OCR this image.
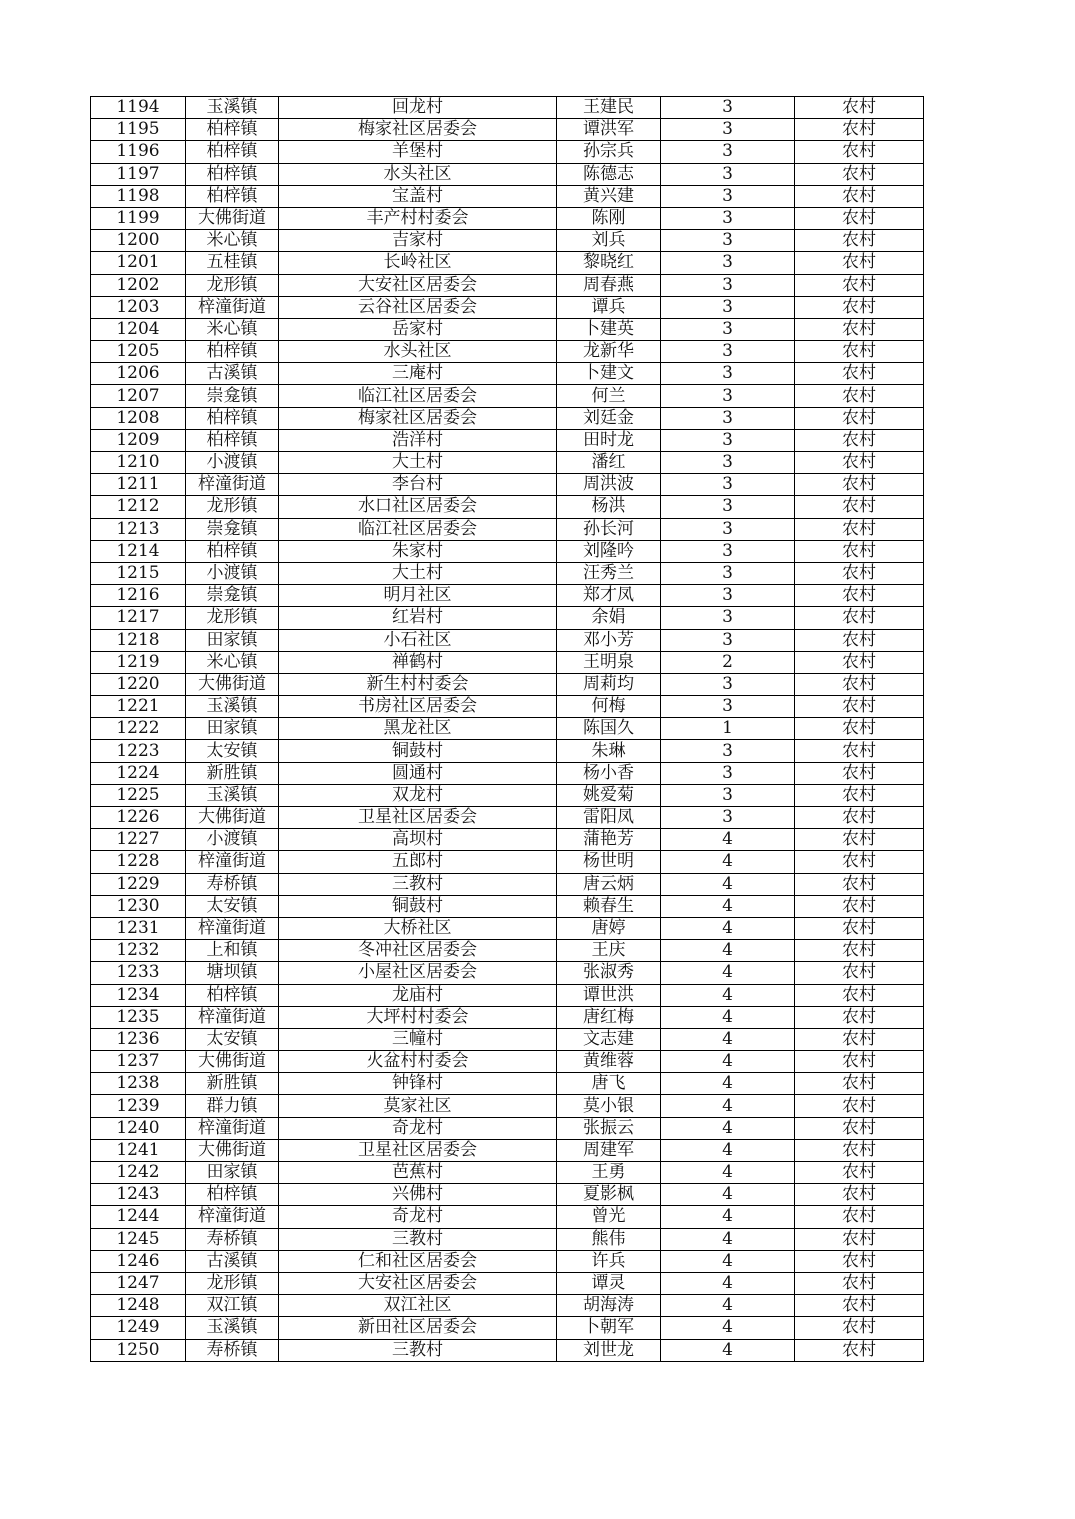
1194	玉溪镇	回龙村	王建民	3	农村
1195	柏梓镇	梅家社区居委会	谭洪军	3	农村
1196	柏梓镇	羊堡村	孙宗兵	3	农村
1197	柏梓镇	水头社区	陈德志	3	农村
1198	柏梓镇	宝盖村	黄兴建	3	农村
1199	大佛街道	丰产村村委会	陈刚	3	农村
1200	米心镇	吉家村	刘兵	3	农村
1201	五桂镇	长岭社区	黎晓红	3	农村
1202	龙形镇	大安社区居委会	周春燕	3	农村
1203	梓潼街道	云谷社区居委会	谭兵	3	农村
1204	米心镇	岳家村	卜建英	3	农村
1205	柏梓镇	水头社区	龙新华	3	农村
1206	古溪镇	三庵村	卜建文	3	农村
1207	崇龛镇	临江社区居委会	何兰	3	农村
1208	柏梓镇	梅家社区居委会	刘廷金	3	农村
1209	柏梓镇	浩洋村	田时龙	3	农村
1210	小渡镇	大土村	潘红	3	农村
1211	梓潼街道	李台村	周洪波	3	农村
1212	龙形镇	水口社区居委会	杨洪	3	农村
1213	崇龛镇	临江社区居委会	孙长河	3	农村
1214	柏梓镇	朱家村	刘隆吟	3	农村
1215	小渡镇	大土村	汪秀兰	3	农村
1216	崇龛镇	明月社区	郑才凤	3	农村
1217	龙形镇	红岩村	余娟	3	农村
1218	田家镇	小石社区	邓小芳	3	农村
1219	米心镇	禅鹤村	王明泉	2	农村
1220	大佛街道	新生村村委会	周莉均	3	农村
1221	玉溪镇	书房社区居委会	何梅	3	农村
1222	田家镇	黑龙社区	陈国久	1	农村
1223	太安镇	铜鼓村	朱琳	3	农村
1224	新胜镇	圆通村	杨小香	3	农村
1225	玉溪镇	双龙村	姚爱菊	3	农村
1226	大佛街道	卫星社区居委会	雷阳凤	3	农村
1227	小渡镇	高坝村	蒲艳芳	4	农村
1228	梓潼街道	五郎村	杨世明	4	农村
1229	寿桥镇	三教村	唐云炳	4	农村
1230	太安镇	铜鼓村	赖春生	4	农村
1231	梓潼街道	大桥社区	唐婷	4	农村
1232	上和镇	冬冲社区居委会	王庆	4	农村
1233	塘坝镇	小屋社区居委会	张淑秀	4	农村
1234	柏梓镇	龙庙村	谭世洪	4	农村
1235	梓潼街道	大坪村村委会	唐红梅	4	农村
1236	太安镇	三幢村	文志建	4	农村
1237	大佛街道	火盆村村委会	黄维蓉	4	农村
1238	新胜镇	钟锋村	唐飞	4	农村
1239	群力镇	莫家社区	莫小银	4	农村
1240	梓潼街道	奇龙村	张振云	4	农村
1241	大佛街道	卫星社区居委会	周建军	4	农村
1242	田家镇	芭蕉村	王勇	4	农村
1243	柏梓镇	兴佛村	夏影枫	4	农村
1244	梓潼街道	奇龙村	曾光	4	农村
1245	寿桥镇	三教村	熊伟	4	农村
1246	古溪镇	仁和社区居委会	许兵	4	农村
1247	龙形镇	大安社区居委会	谭灵	4	农村
1248	双江镇	双江社区	胡海涛	4	农村
1249	玉溪镇	新田社区居委会	卜朝军	4	农村
1250	寿桥镇	三教村	刘世龙	4	农村
